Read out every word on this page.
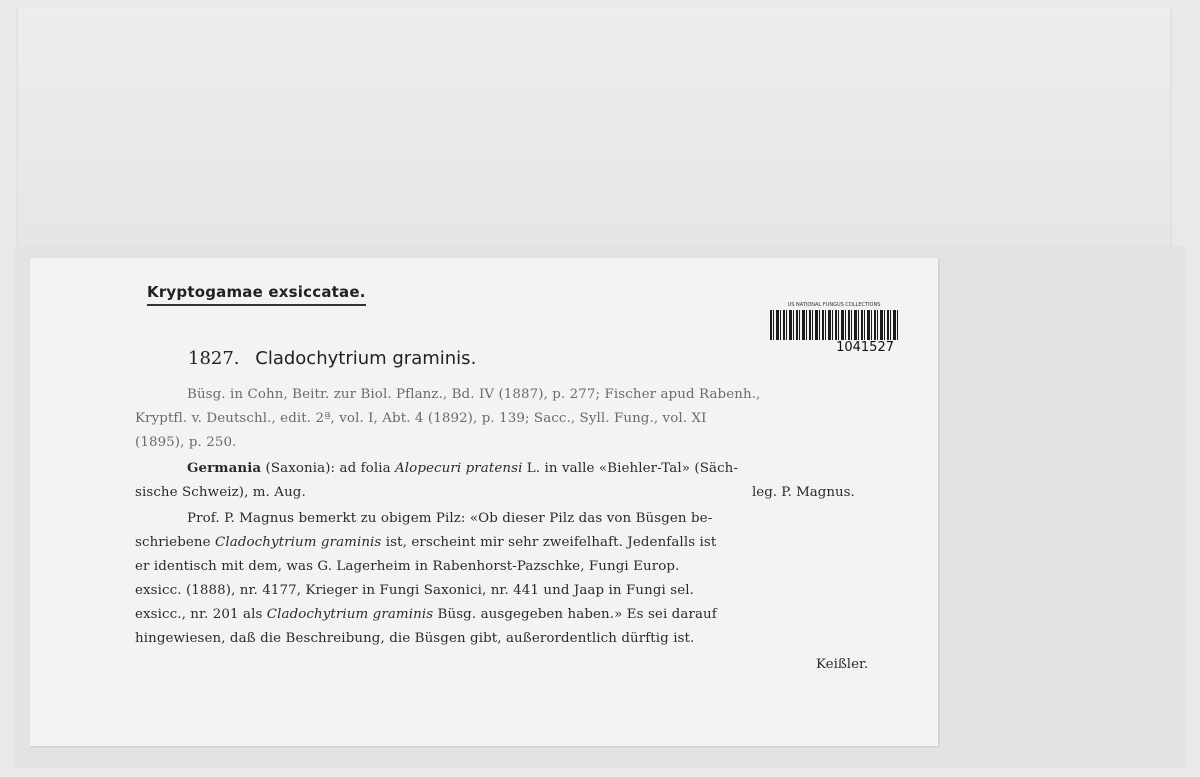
Kryptogamae exsiccatae.
US NATIONAL FUNGUS COLLECTIONS
1041527
1827. Cladochytrium graminis.
Büsg. in Cohn, Beitr. zur Biol. Pflanz., Bd. IV (1887), p. 277; Fischer apud Rabenh.,
Kryptfl. v. Deutschl., edit. 2ª, vol. I, Abt. 4 (1892), p. 139; Sacc., Syll. Fung., vol. XI
(1895), p. 250.
Germania (Saxonia): ad folia Alopecuri pratensi L. in valle «Biehler-Tal» (Säch-
sische Schweiz), m. Aug.	leg. P. Magnus.
Prof. P. Magnus bemerkt zu obigem Pilz: «Ob dieser Pilz das von Büsgen be-
schriebene Cladochytrium graminis ist, erscheint mir sehr zweifelhaft. Jedenfalls ist
er identisch mit dem, was G. Lagerheim in Rabenhorst-Pazschke, Fungi Europ.
exsicc. (1888), nr. 4177, Krieger in Fungi Saxonici, nr. 441 und Jaap in Fungi sel.
exsicc., nr. 201 als Cladochytrium graminis Büsg. ausgegeben haben.» Es sei darauf
hingewiesen, daß die Beschreibung, die Büsgen gibt, außerordentlich dürftig ist.
Keißler.
